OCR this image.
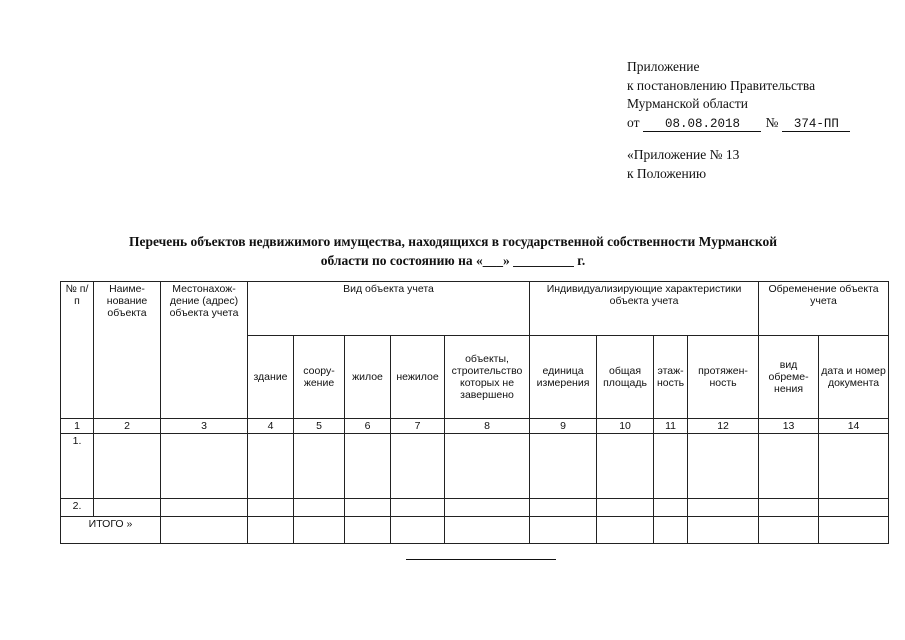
Приложение
к постановлению Правительства
Мурманской области
от 08.08.2018 № 374-ПП
«Приложение № 13
к Положению
Перечень объектов недвижимого имущества, находящихся в государственной собственности Мурманской
области по состоянию на «___» _________ г.
№ п/п	Наиме-нование объекта	Местонахож-дение (адрес) объекта учета	Вид объекта учета					Индивидуализирующие характеристики объекта учета				Обременение объекта учета	
			здание	соору-жение	жилое	нежилое	объекты, строительство которых не завершено	единица измерения	общая площадь	этаж-ность	протяжен-ность	вид обреме-нения	дата и номер документа
1	2	3	4	5	6	7	8	9	10	11	12	13	14
1.													
2.													
ИТОГО »													
